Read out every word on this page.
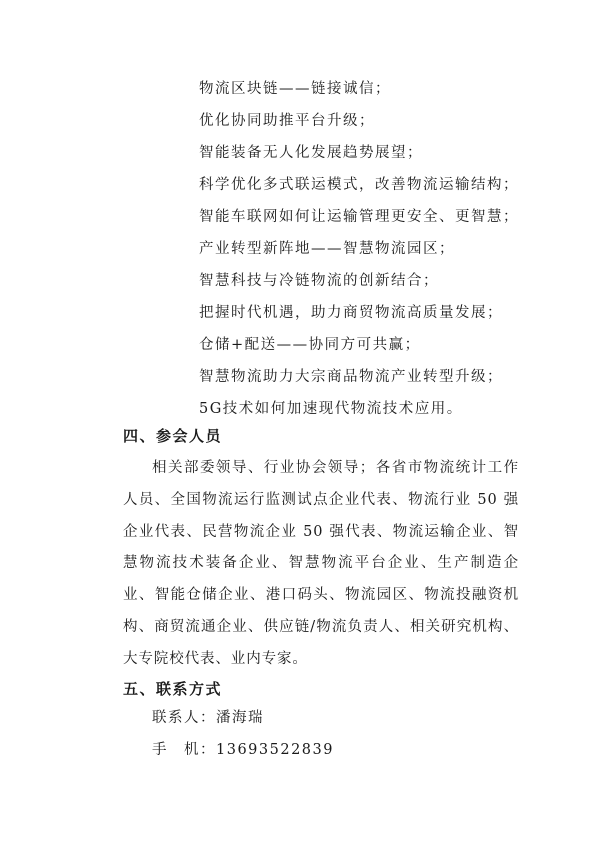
物流区块链——链接诚信；
优化协同助推平台升级；
智能装备无人化发展趋势展望；
科学优化多式联运模式，改善物流运输结构；
智能车联网如何让运输管理更安全、更智慧；
产业转型新阵地——智慧物流园区；
智慧科技与冷链物流的创新结合；
把握时代机遇，助力商贸物流高质量发展；
仓储+配送——协同方可共赢；
智慧物流助力大宗商品物流产业转型升级；
5G技术如何加速现代物流技术应用。
四、参会人员

相关部委领导、行业协会领导；各省市物流统计工作人员、全国物流运行监测试点企业代表、物流行业 50 强企业代表、民营物流企业 50 强代表、物流运输企业、智慧物流技术装备企业、智慧物流平台企业、生产制造企业、智能仓储企业、港口码头、物流园区、物流投融资机构、商贸流通企业、供应链/物流负责人、相关研究机构、大专院校代表、业内专家。

五、联系方式
联系人：潘海瑞
手　机：13693522839
